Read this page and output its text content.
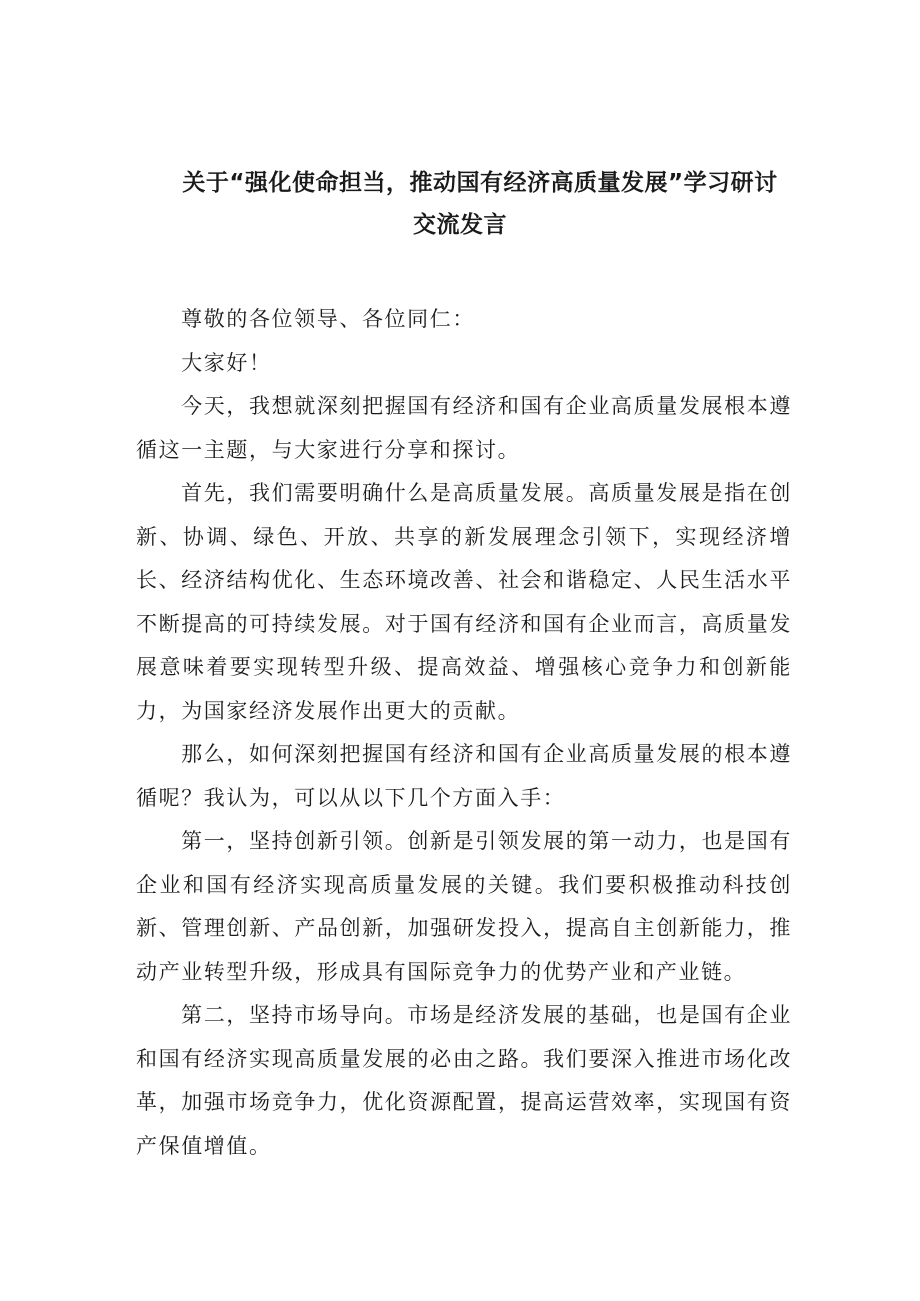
关于“强化使命担当，推动国有经济高质量发展”学习研讨
交流发言

尊敬的各位领导、各位同仁：

大家好！

今天，我想就深刻把握国有经济和国有企业高质量发展根本遵循这一主题，与大家进行分享和探讨。

首先，我们需要明确什么是高质量发展。高质量发展是指在创新、协调、绿色、开放、共享的新发展理念引领下，实现经济增长、经济结构优化、生态环境改善、社会和谐稳定、人民生活水平不断提高的可持续发展。对于国有经济和国有企业而言，高质量发展意味着要实现转型升级、提高效益、增强核心竞争力和创新能力，为国家经济发展作出更大的贡献。

那么，如何深刻把握国有经济和国有企业高质量发展的根本遵循呢？我认为，可以从以下几个方面入手：

第一，坚持创新引领。创新是引领发展的第一动力，也是国有企业和国有经济实现高质量发展的关键。我们要积极推动科技创新、管理创新、产品创新，加强研发投入，提高自主创新能力，推动产业转型升级，形成具有国际竞争力的优势产业和产业链。

第二，坚持市场导向。市场是经济发展的基础，也是国有企业和国有经济实现高质量发展的必由之路。我们要深入推进市场化改革，加强市场竞争力，优化资源配置，提高运营效率，实现国有资产保值增值。
